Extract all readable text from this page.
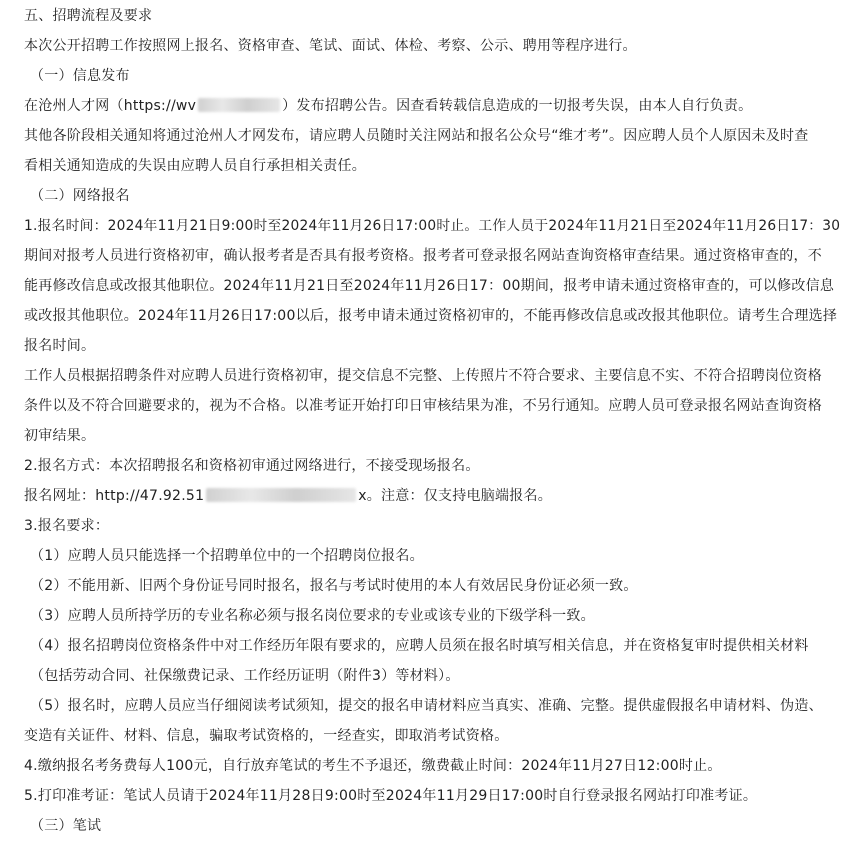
五、招聘流程及要求
本次公开招聘工作按照网上报名、资格审查、笔试、面试、体检、考察、公示、聘用等程序进行。
（一）信息发布
在沧州人才网（https://wv	）发布招聘公告。因查看转载信息造成的一切报考失误，由本人自行负责。
其他各阶段相关通知将通过沧州人才网发布，请应聘人员随时关注网站和报名公众号“维才考”。因应聘人员个人原因未及时查
看相关通知造成的失误由应聘人员自行承担相关责任。
（二）网络报名
1.报名时间：2024年11月21日9:00时至2024年11月26日17:00时止。工作人员于2024年11月21日至2024年11月26日17：30
期间对报考人员进行资格初审，确认报考者是否具有报考资格。报考者可登录报名网站查询资格审查结果。通过资格审查的，不
能再修改信息或改报其他职位。2024年11月21日至2024年11月26日17：00期间，报考申请未通过资格审查的，可以修改信息
或改报其他职位。2024年11月26日17:00以后，报考申请未通过资格初审的，不能再修改信息或改报其他职位。请考生合理选择
报名时间。
工作人员根据招聘条件对应聘人员进行资格初审，提交信息不完整、上传照片不符合要求、主要信息不实、不符合招聘岗位资格
条件以及不符合回避要求的，视为不合格。以准考证开始打印日审核结果为准，不另行通知。应聘人员可登录报名网站查询资格
初审结果。
2.报名方式：本次招聘报名和资格初审通过网络进行，不接受现场报名。
报名网址：http://47.92.51	x。注意：仅支持电脑端报名。
3.报名要求：
（1）应聘人员只能选择一个招聘单位中的一个招聘岗位报名。
（2）不能用新、旧两个身份证号同时报名，报名与考试时使用的本人有效居民身份证必须一致。
（3）应聘人员所持学历的专业名称必须与报名岗位要求的专业或该专业的下级学科一致。
（4）报名招聘岗位资格条件中对工作经历年限有要求的，应聘人员须在报名时填写相关信息，并在资格复审时提供相关材料
（包括劳动合同、社保缴费记录、工作经历证明（附件3）等材料）。
（5）报名时，应聘人员应当仔细阅读考试须知，提交的报名申请材料应当真实、准确、完整。提供虚假报名申请材料、伪造、
变造有关证件、材料、信息，骗取考试资格的，一经查实，即取消考试资格。
4.缴纳报名考务费每人100元，自行放弃笔试的考生不予退还，缴费截止时间：2024年11月27日12:00时止。
5.打印准考证：笔试人员请于2024年11月28日9:00时至2024年11月29日17:00时自行登录报名网站打印准考证。
（三）笔试
